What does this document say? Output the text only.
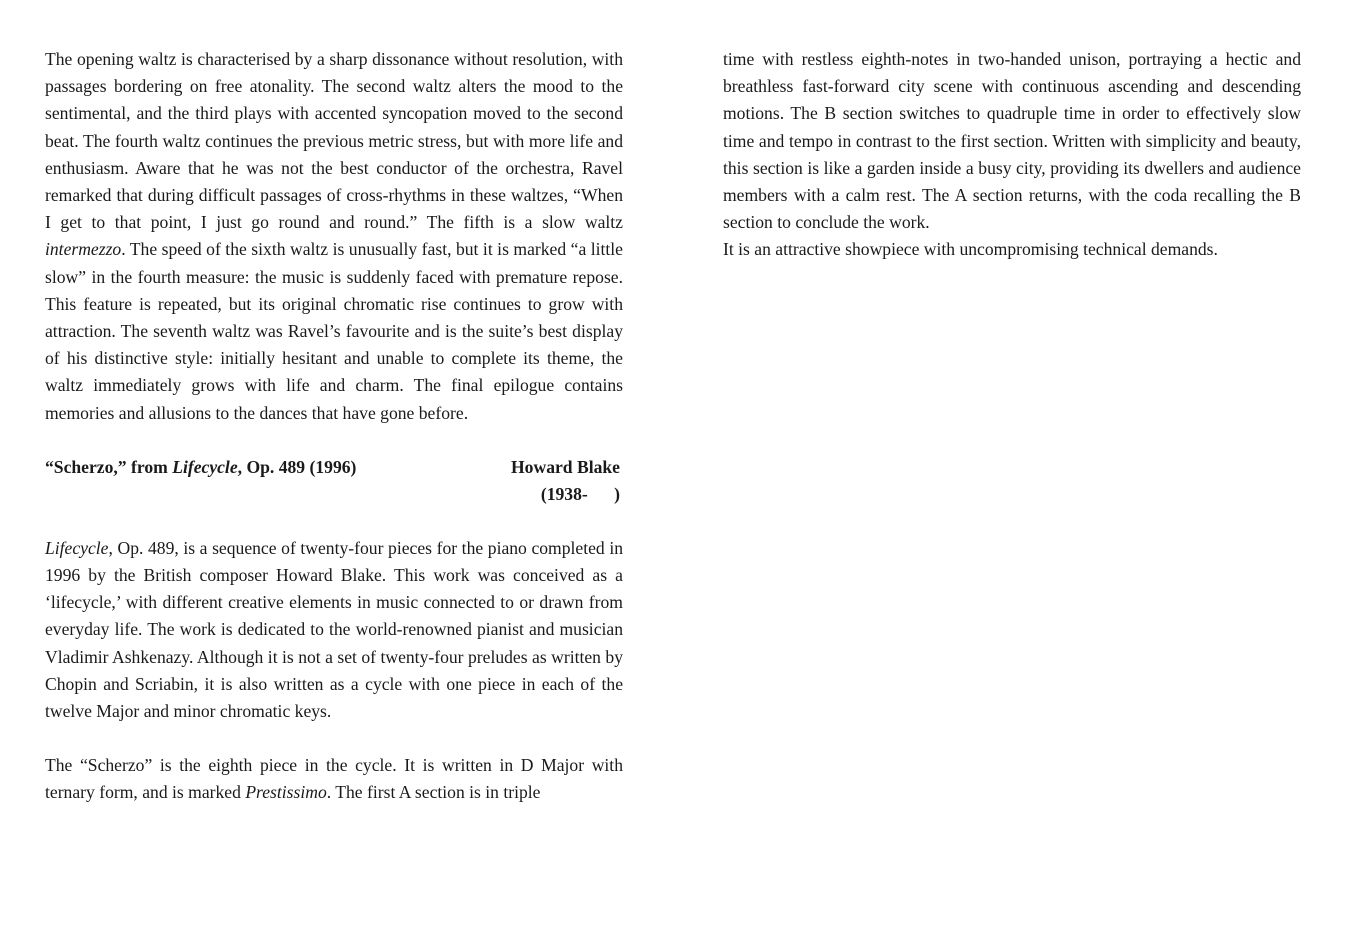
The opening waltz is characterised by a sharp dissonance without resolution, with passages bordering on free atonality. The second waltz alters the mood to the sentimental, and the third plays with accented syncopation moved to the second beat. The fourth waltz continues the previous metric stress, but with more life and enthusiasm. Aware that he was not the best conductor of the orchestra, Ravel remarked that during difficult passages of cross-rhythms in these waltzes, “When I get to that point, I just go round and round.” The fifth is a slow waltz intermezzo. The speed of the sixth waltz is unusually fast, but it is marked “a little slow” in the fourth measure: the music is suddenly faced with premature repose. This feature is repeated, but its original chromatic rise continues to grow with attraction. The seventh waltz was Ravel’s favourite and is the suite’s best display of his distinctive style: initially hesitant and unable to complete its theme, the waltz immediately grows with life and charm. The final epilogue contains memories and allusions to the dances that have gone before.

“Scherzo,” from Lifecycle, Op. 489 (1996)	Howard Blake
(1938-      )

Lifecycle, Op. 489, is a sequence of twenty-four pieces for the piano completed in 1996 by the British composer Howard Blake. This work was conceived as a ‘lifecycle,’ with different creative elements in music connected to or drawn from everyday life. The work is dedicated to the world-renowned pianist and musician Vladimir Ashkenazy. Although it is not a set of twenty-four preludes as written by Chopin and Scriabin, it is also written as a cycle with one piece in each of the twelve Major and minor chromatic keys.

The “Scherzo” is the eighth piece in the cycle. It is written in D Major with ternary form, and is marked Prestissimo. The first A section is in triple

time with restless eighth-notes in two-handed unison, portraying a hectic and breathless fast-forward city scene with continuous ascending and descending motions. The B section switches to quadruple time in order to effectively slow time and tempo in contrast to the first section. Written with simplicity and beauty, this section is like a garden inside a busy city, providing its dwellers and audience members with a calm rest. The A section returns, with the coda recalling the B section to conclude the work.

It is an attractive showpiece with uncompromising technical demands.
